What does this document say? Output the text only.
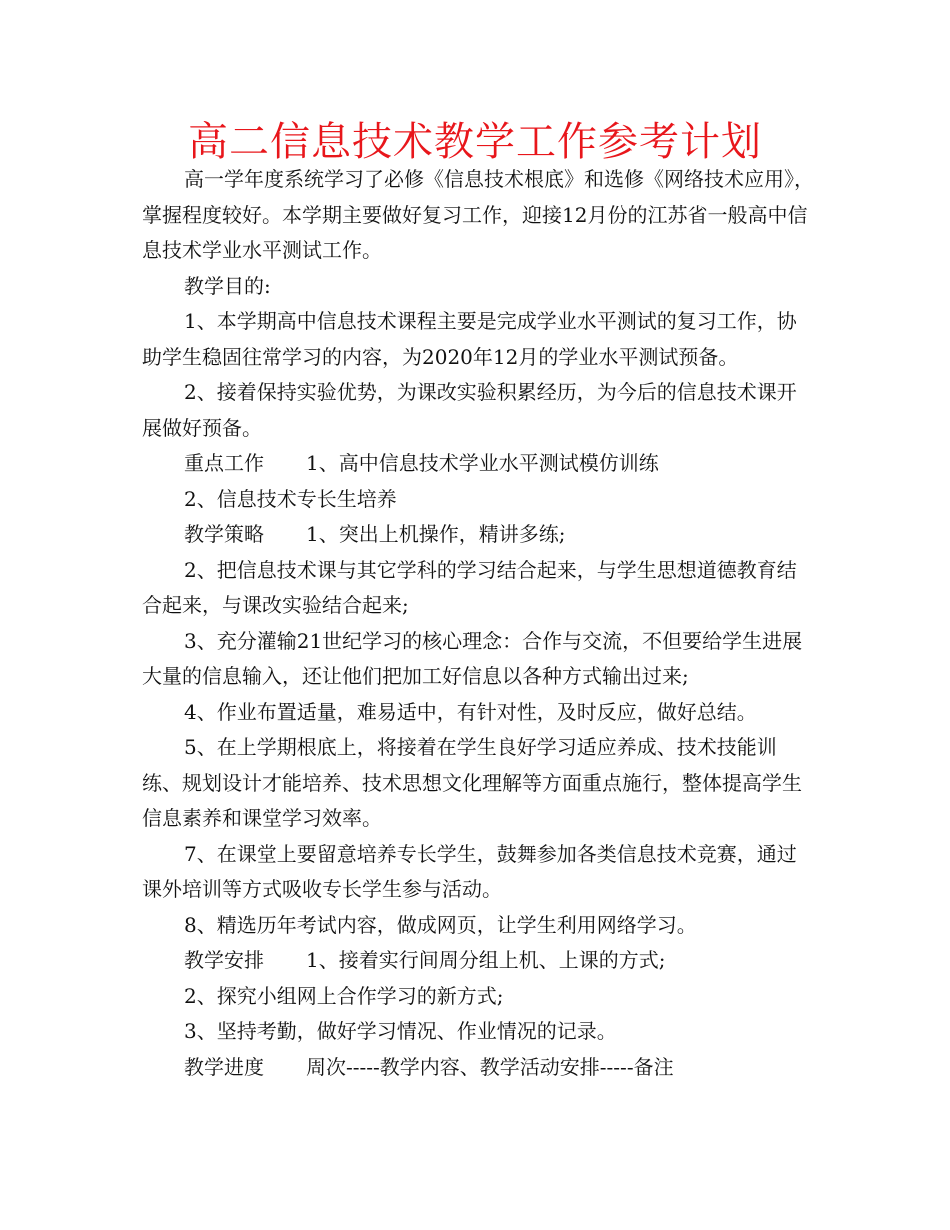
高二信息技术教学工作参考计划

高一学年度系统学习了必修《信息技术根底》和选修《网络技术应用》，掌握程度较好。本学期主要做好复习工作，迎接12月份的江苏省一般高中信息技术学业水平测试工作。

教学目的:

1、本学期高中信息技术课程主要是完成学业水平测试的复习工作，协助学生稳固往常学习的内容，为2020年12月的学业水平测试预备。

2、接着保持实验优势，为课改实验积累经历，为今后的信息技术课开展做好预备。

重点工作 1、高中信息技术学业水平测试模仿训练

2、信息技术专长生培养

教学策略 1、突出上机操作，精讲多练;

2、把信息技术课与其它学科的学习结合起来，与学生思想道德教育结合起来，与课改实验结合起来;

3、充分灌输21世纪学习的核心理念：合作与交流，不但要给学生进展大量的信息输入，还让他们把加工好信息以各种方式输出过来;

4、作业布置适量，难易适中，有针对性，及时反应，做好总结。

5、在上学期根底上，将接着在学生良好学习适应养成、技术技能训练、规划设计才能培养、技术思想文化理解等方面重点施行，整体提高学生信息素养和课堂学习效率。

7、在课堂上要留意培养专长学生，鼓舞参加各类信息技术竞赛，通过课外培训等方式吸收专长学生参与活动。

8、精选历年考试内容，做成网页，让学生利用网络学习。

教学安排 1、接着实行间周分组上机、上课的方式;

2、探究小组网上合作学习的新方式;

3、坚持考勤，做好学习情况、作业情况的记录。

教学进度 周次-----教学内容、教学活动安排-----备注
